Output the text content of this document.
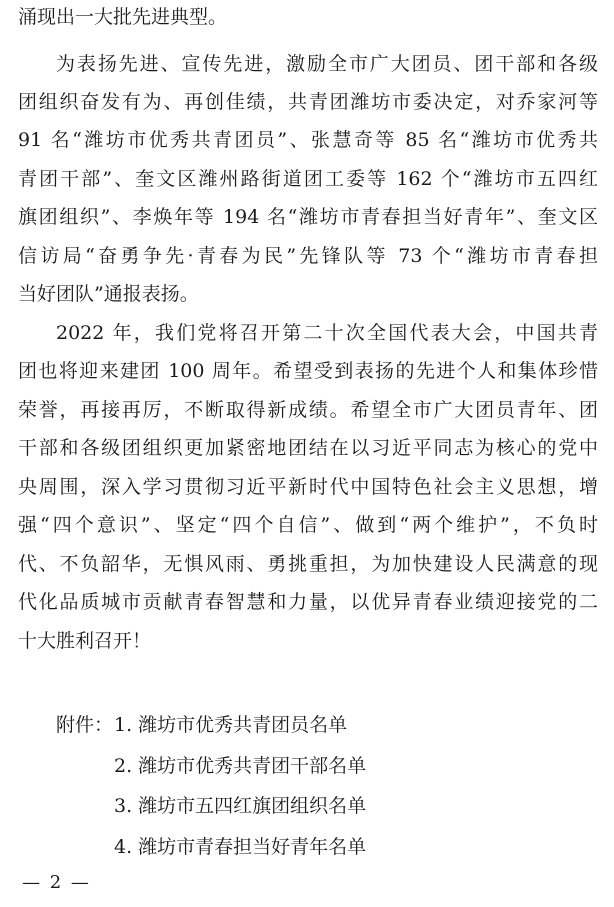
涌现出一大批先进典型。
为表扬先进、宣传先进，激励全市广大团员、团干部和各级
团组织奋发有为、再创佳绩，共青团潍坊市委决定，对乔家河等
91 名“潍坊市优秀共青团员”、张慧奇等 85 名“潍坊市优秀共
青团干部”、奎文区潍州路街道团工委等 162 个“潍坊市五四红
旗团组织”、李焕年等 194 名“潍坊市青春担当好青年”、奎文区
信访局“奋勇争先·青春为民”先锋队等 73 个“潍坊市青春担
当好团队”通报表扬。
2022 年，我们党将召开第二十次全国代表大会，中国共青
团也将迎来建团 100 周年。希望受到表扬的先进个人和集体珍惜
荣誉，再接再厉，不断取得新成绩。希望全市广大团员青年、团
干部和各级团组织更加紧密地团结在以习近平同志为核心的党中
央周围，深入学习贯彻习近平新时代中国特色社会主义思想，增
强“四个意识”、坚定“四个自信”、做到“两个维护”，不负时
代、不负韶华，无惧风雨、勇挑重担，为加快建设人民满意的现
代化品质城市贡献青春智慧和力量，以优异青春业绩迎接党的二
十大胜利召开！
附件： 1. 潍坊市优秀共青团员名单
2. 潍坊市优秀共青团干部名单
3. 潍坊市五四红旗团组织名单
4. 潍坊市青春担当好青年名单
— 2 —
